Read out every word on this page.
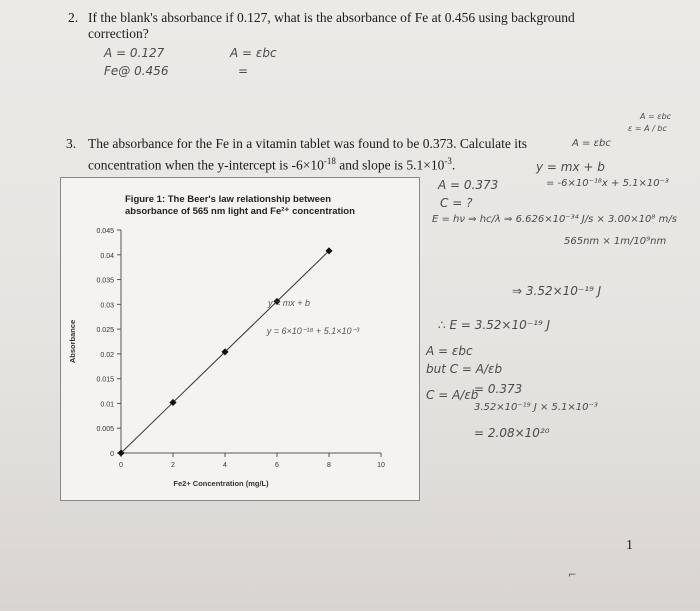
2. If the blank's absorbance if 0.127, what is the absorbance of Fe at 0.456 using background
correction?
A = 0.127
Fe@ 0.456
A = εbc
=
3. The absorbance for the Fe in a vitamin tablet was found to be 0.373. Calculate its
concentration when the y-intercept is $-6\times 10^{-18}$ and slope is $5.1\times 10^{-3}$.
Figure 1: The Beer's law relationship between absorbance of 565 nm light and Fe²⁺ concentration
0
0.005
0.01
0.015
0.02
0.025
0.03
0.035
0.04
0.045
0	2	4	6	8	10
Fe2+ Concentration (mg/L)
Absorbance
y = mx + b
y = 6×10⁻¹⁸ + 5.1×10⁻³
A = εbc
ε = A / bc
A = εbc
A = 0.373
C = ?
y = mx + b
= -6×10⁻¹⁸x + 5.1×10⁻³
E = hν ⇒ hc/λ ⇒ 6.626×10⁻³⁴ J/s × 3.00×10⁸ m/s
565nm × 1m/10⁹nm
⇒ 3.52×10⁻¹⁹ J
∴ E = 3.52×10⁻¹⁹ J
A = εbc
but C = A/εb
C = A/εb
= 0.373
3.52×10⁻¹⁹ J × 5.1×10⁻³
= 2.08×10²⁰
1
⌐
